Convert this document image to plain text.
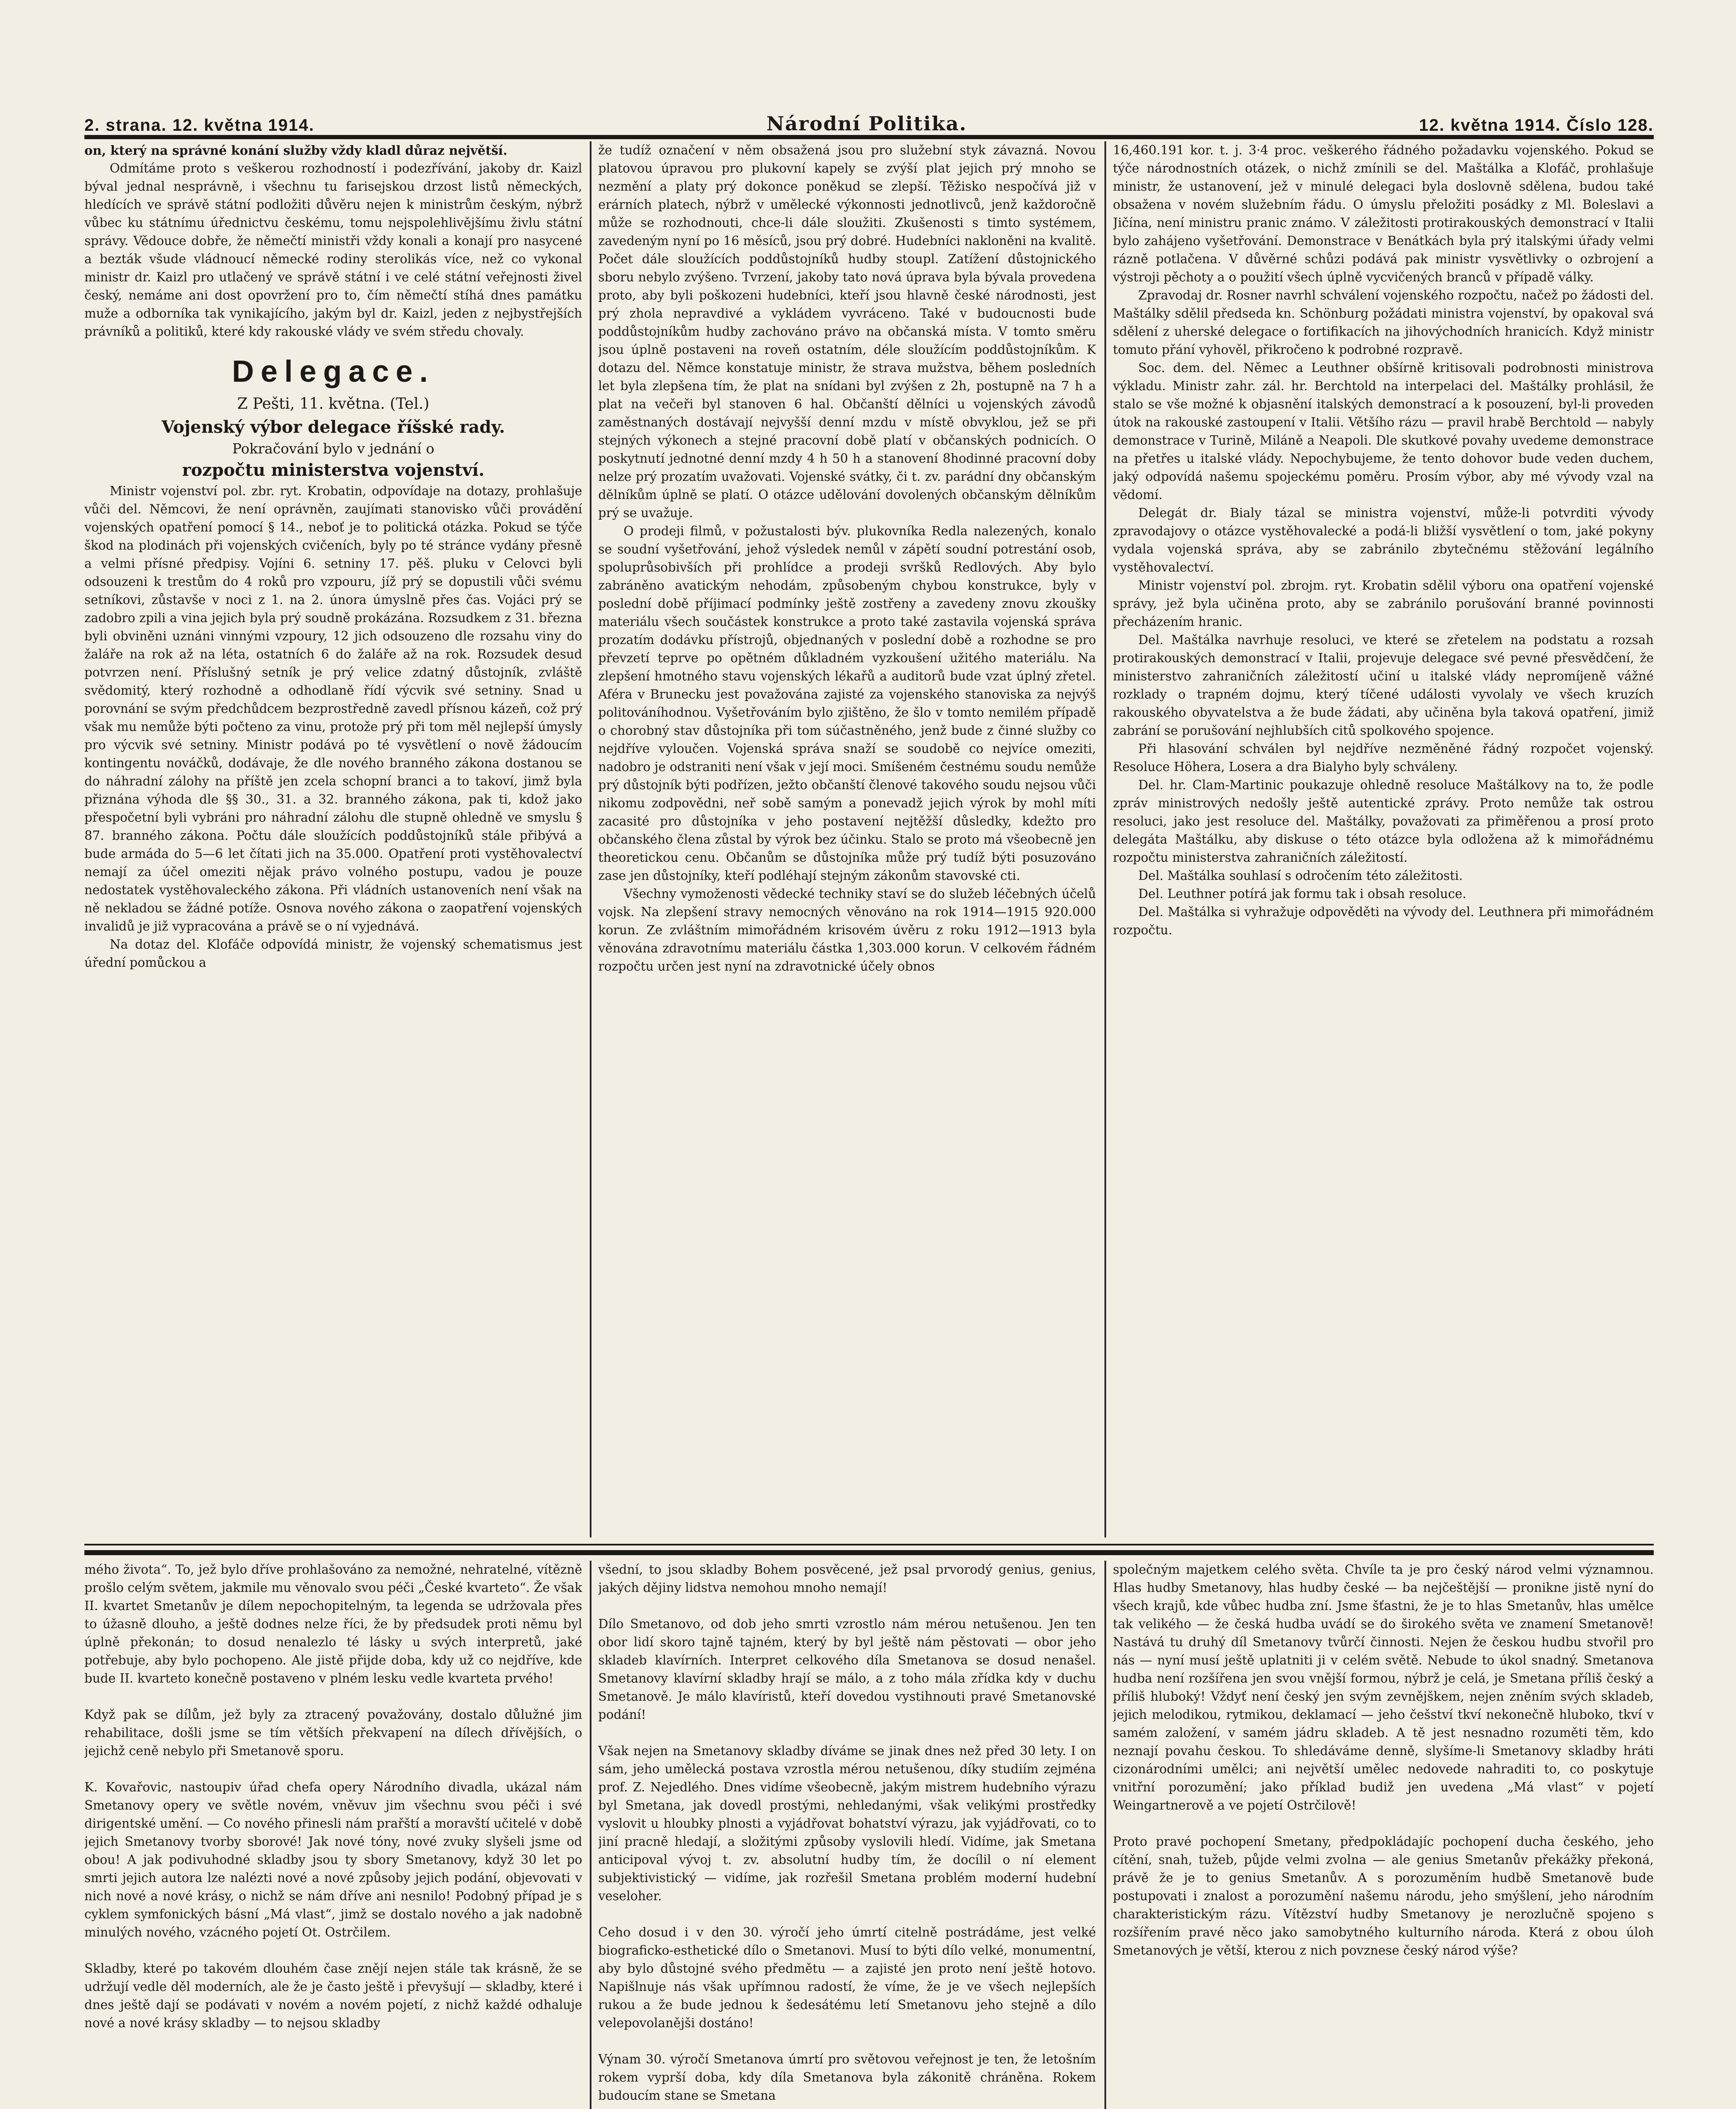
2. strana. 12. května 1914.	Národní Politika.	12. května 1914. Číslo 128.

on, který na správné konání služby vždy kladl důraz největší.

Odmítáme proto s veškerou rozhodností i podezřívání, jakoby dr. Kaizl býval jednal nesprávně, i všechnu tu farisejskou drzost listů německých, hledících ve správě státní podložiti důvěru nejen k ministrům českým, nýbrž vůbec ku státnímu úřednictvu českému, tomu nejspolehlivějšímu živlu státní správy. Vědouce dobře, že němečtí ministři vždy konali a konají pro nasycené a bezták všude vládnoucí německé rodiny sterolikás více, než co vykonal ministr dr. Kaizl pro utlačený ve správě státní i ve celé státní veřejnosti živel český, nemáme ani dost opovržení pro to, čím němečtí stíhá dnes památku muže a odborníka tak vynikajícího, jakým byl dr. Kaizl, jeden z nejbystřejších právníků a politiků, které kdy rakouské vlády ve svém středu chovaly.

Delegace.
Z Pešti, 11. května. (Tel.)
Vojenský výbor delegace říšské rady.
Pokračování bylo v jednání o
rozpočtu ministerstva vojenství.

Ministr vojenství pol. zbr. ryt. Krobatin, odpovídaje na dotazy, prohlašuje vůči del. Němcovi, že není oprávněn, zaujímati stanovisko vůči provádění vojenských opatření pomocí § 14., neboť je to politická otázka. Pokud se týče škod na plodinách při vojenských cvičeních, byly po té stránce vydány přesně a velmi přísné předpisy. Vojíni 6. setniny 17. pěš. pluku v Celovci byli odsouzeni k trestům do 4 roků pro vzpouru, jíž prý se dopustili vůči svému setníkovi, zůstavše v noci z 1. na 2. února úmyslně přes čas. Vojáci prý se zadobro zpili a vina jejich byla prý soudně prokázána. Rozsudkem z 31. března byli obviněni uznáni vinnými vzpoury, 12 jich odsouzeno dle rozsahu viny do žaláře na rok až na léta, ostatních 6 do žaláře až na rok. Rozsudek desud potvrzen není. Příslušný setník je prý velice zdatný důstojník, zvláště svědomitý, který rozhodně a odhodlaně řídí výcvik své setniny. Snad u porovnání se svým předchůdcem bezprostředně zavedl přísnou kázeň, což prý však mu nemůže býti počteno za vinu, protože prý při tom měl nejlepší úmysly pro výcvik své setniny. Ministr podává po té vysvětlení o nově žádoucím kontingentu nováčků, dodávaje, že dle nového branného zákona dostanou se do náhradní zálohy na příště jen zcela schopní branci a to takoví, jimž byla přiznána výhoda dle §§ 30., 31. a 32. branného zákona, pak ti, kdož jako přespočetní byli vybráni pro náhradní zálohu dle stupně ohledně ve smyslu § 87. branného zákona. Počtu dále sloužících poddůstojníků stále přibývá a bude armáda do 5—6 let čítati jich na 35.000. Opatření proti vystěhovalectví nemají za účel omeziti nějak právo volného postupu, vadou je pouze nedostatek vystěhovaleckého zákona. Při vládních ustanoveních není však na ně nekladou se žádné potíže. Osnova nového zákona o zaopatření vojenských invalidů je již vypracována a právě se o ní vyjednává.

Na dotaz del. Klofáče odpovídá ministr, že vojenský schematismus jest úřední pomůckou a

že tudíž označení v něm obsažená jsou pro služební styk závazná. Novou platovou úpravou pro plukovní kapely se zvýší plat jejich prý mnoho se nezmění a platy prý dokonce poněkud se zlepší. Těžisko nespočívá již v erárních platech, nýbrž v umělecké výkonnosti jednotlivců, jenž každoročně může se rozhodnouti, chce-li dále sloužiti. Zkušenosti s timto systémem, zavedeným nyní po 16 měsíců, jsou prý dobré. Hudebníci nakloněni na kvalitě. Počet dále sloužících poddůstojníků hudby stoupl. Zatížení důstojnického sboru nebylo zvýšeno. Tvrzení, jakoby tato nová úprava byla bývala provedena proto, aby byli poškozeni hudebníci, kteří jsou hlavně české národnosti, jest prý zhola nepravdivé a vykládem vyvráceno. Také v budoucnosti bude poddůstojníkům hudby zachováno právo na občanská místa. V tomto směru jsou úplně postaveni na roveň ostatním, déle sloužícím poddůstojníkům. K dotazu del. Němce konstatuje ministr, že strava mužstva, během posledních let byla zlepšena tím, že plat na snídani byl zvýšen z 2h, postupně na 7 h a plat na večeři byl stanoven 6 hal. Občanští dělníci u vojenských závodů zaměstnaných dostávají nejvyšší denní mzdu v místě obvyklou, jež se při stejných výkonech a stejné pracovní době platí v občanských podnicích. O poskytnutí jednotné denní mzdy 4 h 50 h a stanovení 8hodinné pracovní doby nelze prý prozatím uvažovati. Vojenské svátky, či t. zv. parádní dny občanským dělníkům úplně se platí. O otázce udělování dovolených občanským dělníkům prý se uvažuje.

O prodeji filmů, v požustalosti býv. plukovníka Redla nalezených, konalo se soudní vyšetřování, jehož výsledek nemůl v zápětí soudní potrestání osob, spoluprůsobivších při prohlídce a prodeji svršků Redlových. Aby bylo zabráněno avatickým nehodám, způsobeným chybou konstrukce, byly v poslední době příjimací podmínky ještě zostřeny a zavedeny znovu zkoušky materiálu všech součástek konstrukce a proto také zastavila vojenská správa prozatím dodávku přístrojů, objednaných v poslední době a rozhodne se pro převzetí teprve po opětném důkladném vyzkoušení užitého materiálu. Na zlepšení hmotného stavu vojenských lékařů a auditorů bude vzat úplný zřetel. Aféra v Brunecku jest považována zajisté za vojenského stanoviska za nejvýš politováníhodnou. Vyšetřováním bylo zjištěno, že šlo v tomto nemilém případě o chorobný stav důstojníka při tom súčastněného, jenž bude z činné služby co nejdříve vyloučen. Vojenská správa snaží se soudobě co nejvíce omeziti, nadobro je odstraniti není však v její moci. Smíšeném čestnému soudu nemůže prý důstojník býti podřízen, ježto občanští členové takového soudu nejsou vůči nikomu zodpovědni, neř sobě samým a ponevadž jejich výrok by mohl míti zacasité pro důstojníka v jeho postavení nejtěžší důsledky, kdežto pro občanského člena zůstal by výrok bez účinku. Stalo se proto má všeobecně jen theoretickou cenu. Občanům se důstojníka může prý tudíž býti posuzováno zase jen důstojníky, kteří podléhají stejným zákonům stavovské cti.

Všechny vymoženosti vědecké techniky staví se do služeb léčebných účelů vojsk. Na zlepšení stravy nemocných věnováno na rok 1914—1915 920.000 korun. Ze zvláštním mimořádném krisovém úvěru z roku 1912—1913 byla věnována zdravotnímu materiálu částka 1,303.000 korun. V celkovém řádném rozpočtu určen jest nyní na zdravotnické účely obnos

16,460.191 kor. t. j. 3·4 proc. veškerého řádného požadavku vojenského. Pokud se týče národnostních otázek, o nichž zmínili se del. Maštálka a Klofáč, prohlašuje ministr, že ustanovení, jež v minulé delegaci byla doslovně sdělena, budou také obsažena v novém služebním řádu. O úmyslu přeložiti posádky z Ml. Boleslavi a Jičína, není ministru pranic známo. V záležitosti protirakouských demonstrací v Italii bylo zahájeno vyšetřování. Demonstrace v Benátkách byla prý italskými úřady velmi rázně potlačena. V důvěrné schůzi podává pak ministr vysvětlivky o ozbrojení a výstroji pěchoty a o použití všech úplně vycvičených branců v případě války.

Zpravodaj dr. Rosner navrhl schválení vojenského rozpočtu, načež po žádosti del. Maštálky sdělil předseda kn. Schönburg požádati ministra vojenství, by opakoval svá sdělení z uherské delegace o fortifikacích na jihovýchodních hranicích. Když ministr tomuto přání vyhověl, přikročeno k podrobné rozpravě.

Soc. dem. del. Němec a Leuthner obšírně kritisovali podrobnosti ministrova výkladu. Ministr zahr. zál. hr. Berchtold na interpelaci del. Maštálky prohlásil, že stalo se vše možné k objasnění italských demonstrací a k posouzení, byl-li proveden útok na rakouské zastoupení v Italii. Většího rázu — pravil hrabě Berchtold — nabyly demonstrace v Turině, Miláně a Neapoli. Dle skutkové povahy uvedeme demonstrace na přetřes u italské vlády. Nepochybujeme, že tento dohovor bude veden duchem, jaký odpovídá našemu spojeckému poměru. Prosím výbor, aby mé vývody vzal na vědomí.

Delegát dr. Bialy tázal se ministra vojenství, může-li potvrditi vývody zpravodajovy o otázce vystěhovalecké a podá-li bližší vysvětlení o tom, jaké pokyny vydala vojenská správa, aby se zabránilo zbytečnému stěžování legálního vystěhovalectví.

Ministr vojenství pol. zbrojm. ryt. Krobatin sdělil výboru ona opatření vojenské správy, jež byla učiněna proto, aby se zabránilo porušování branné povinnosti přecházením hranic.

Del. Maštálka navrhuje resoluci, ve které se zřetelem na podstatu a rozsah protirakouských demonstrací v Italii, projevuje delegace své pevné přesvědčení, že ministerstvo zahraničních záležitostí učiní u italské vlády nepromíjeně vážné rozklady o trapném dojmu, který tíčené události vyvolaly ve všech kruzích rakouského obyvatelstva a že bude žádati, aby učiněna byla taková opatření, jimiž zabrání se porušování nejhlubších citů spolkového spojence.

Při hlasování schválen byl nejdříve nezměněné řádný rozpočet vojenský. Resoluce Höhera, Losera a dra Bialyho byly schváleny.

Del. hr. Clam-Martinic poukazuje ohledně resoluce Maštálkovy na to, že podle zpráv ministrových nedošly ještě autentické zprávy. Proto nemůže tak ostrou resoluci, jako jest resoluce del. Maštálky, považovati za přiměřenou a prosí proto delegáta Maštálku, aby diskuse o této otázce byla odložena až k mimořádnému rozpočtu ministerstva zahraničních záležitostí.

Del. Maštálka souhlasí s odročením této záležitosti.

Del. Leuthner potírá jak formu tak i obsah resoluce.

Del. Maštálka si vyhražuje odpověděti na vývody del. Leuthnera při mimořádném rozpočtu.

mého života“. To, jež bylo dříve prohlašováno za nemožné, nehratelné, vítězně prošlo celým světem, jakmile mu věnovalo svou péči „České kvarteto“. Že však II. kvartet Smetanův je dílem nepochopitelným, ta legenda se udržovala přes to úžasně dlouho, a ještě dodnes nelze říci, že by předsudek proti němu byl úplně překonán; to dosud nenalezlo té lásky u svých interpretů, jaké potřebuje, aby bylo pochopeno. Ale jistě přijde doba, kdy už co nejdříve, kde bude II. kvarteto konečně postaveno v plném lesku vedle kvarteta prvého!

Když pak se dílům, jež byly za ztracený považovány, dostalo důlužné jim rehabilitace, došli jsme se tím větších překvapení na dílech dřívějších, o jejichž ceně nebylo při Smetanově sporu.

K. Kovařovic, nastoupiv úřad chefa opery Národního divadla, ukázal nám Smetanovy opery ve světle novém, vněvuv jim všechnu svou péči i své dirigentské umění. — Co nového přinesli nám prařští a moravští učitelé v době jejich Smetanovy tvorby sborové! Jak nové tóny, nové zvuky slyšeli jsme od obou! A jak podivuhodné skladby jsou ty sbory Smetanovy, když 30 let po smrti jejich autora lze nalézti nové a nové způsoby jejich podání, objevovati v nich nové a nové krásy, o nichž se nám dříve ani nesnilo! Podobný případ je s cyklem symfonických básní „Má vlast“, jimž se dostalo nového a jak nadobně minulých nového, vzácného pojetí Ot. Ostrčilem.

Skladby, které po takovém dlouhém čase znějí nejen stále tak krásně, že se udržují vedle děl moderních, ale že je často ještě i převyšují — skladby, které i dnes ještě dají se podávati v novém a novém pojetí, z nichž každé odhaluje nové a nové krásy skladby — to nejsou skladby

všední, to jsou skladby Bohem posvěcené, jež psal prvorodý genius, genius, jakých dějiny lidstva nemohou mnoho nemají!

Dílo Smetanovo, od dob jeho smrti vzrostlo nám mérou netušenou. Jen ten obor lidí skoro tajně tajném, který by byl ještě nám pěstovati — obor jeho skladeb klavírních. Interpret celkového díla Smetanova se dosud nenašel. Smetanovy klavírní skladby hrají se málo, a z toho mála zřídka kdy v duchu Smetanově. Je málo klavíristů, kteří dovedou vystihnouti pravé Smetanovské podání!

Však nejen na Smetanovy skladby díváme se jinak dnes než před 30 lety. I on sám, jeho umělecká postava vzrostla mérou netušenou, díky studiím zejména prof. Z. Nejedlého. Dnes vidíme všeobecně, jakým mistrem hudebního výrazu byl Smetana, jak dovedl prostými, nehledanými, však velikými prostředky vyslovit u hloubky plnosti a vyjádřovat bohatství výrazu, jak vyjádřovati, co to jiní pracně hledají, a složitými způsoby vyslovili hledí. Vidíme, jak Smetana anticipoval vývoj t. zv. absolutní hudby tím, že docílil o ní element subjektivistický — vidíme, jak rozřešil Smetana problém moderní hudební veseloher.

Ceho dosud i v den 30. výročí jeho úmrtí citelně postrádáme, jest velké biograficko-esthetické dílo o Smetanovi. Musí to býti dílo velké, monumentní, aby bylo důstojné svého předmětu — a zajisté jen proto není ještě hotovo. Napišlnuje nás však upřímnou radostí, že víme, že je ve všech nejlepších rukou a že bude jednou k šedesátému letí Smetanovu jeho stejně a dílo velepovolanějši dostáno!

Výnam 30. výročí Smetanova úmrtí pro světovou veřejnost je ten, že letošním rokem vyprší doba, kdy díla Smetanova byla zákonitě chráněna. Rokem budoucím stane se Smetana

společným majetkem celého světa. Chvíle ta je pro český národ velmi významnou. Hlas hudby Smetanovy, hlas hudby české — ba nejčeštější — pronikne jistě nyní do všech krajů, kde vůbec hudba zní. Jsme šťastni, že je to hlas Smetanův, hlas umělce tak velikého — že česká hudba uvádí se do širokého světa ve znamení Smetanově! Nastává tu druhý díl Smetanovy tvůrčí činnosti. Nejen že českou hudbu stvořil pro nás — nyní musí ještě uplatniti ji v celém světě. Nebude to úkol snadný. Smetanova hudba není rozšířena jen svou vnější formou, nýbrž je celá, je Smetana příliš český a příliš hluboký! Vždyť není český jen svým zevnějškem, nejen zněním svých skladeb, jejich melodikou, rytmikou, deklamací — jeho češství tkví nekonečně hluboko, tkví v samém založení, v samém jádru skladeb. A tě jest nesnadno rozuměti těm, kdo neznají povahu českou. To shledáváme denně, slyšíme-li Smetanovy skladby hráti cizonárodními umělci; ani největší umělec nedovede nahraditi to, co poskytuje vnitřní porozumění; jako příklad budiž jen uvedena „Má vlast“ v pojetí Weingartnerově a ve pojetí Ostrčilově!

Proto pravé pochopení Smetany, předpokládajíc pochopení ducha českého, jeho cítění, snah, tužeb, půjde velmi zvolna — ale genius Smetanův překážky překoná, právě že je to genius Smetanův. A s porozuměním hudbě Smetanově bude postupovati i znalost a porozumění našemu národu, jeho smýšlení, jeho národním charakteristickým rázu. Vítězství hudby Smetanovy je nerozlučně spojeno s rozšířením pravé něco jako samobytného kulturního národa. Která z obou úloh Smetanových je větší, kterou z nich povznese český národ výše?
